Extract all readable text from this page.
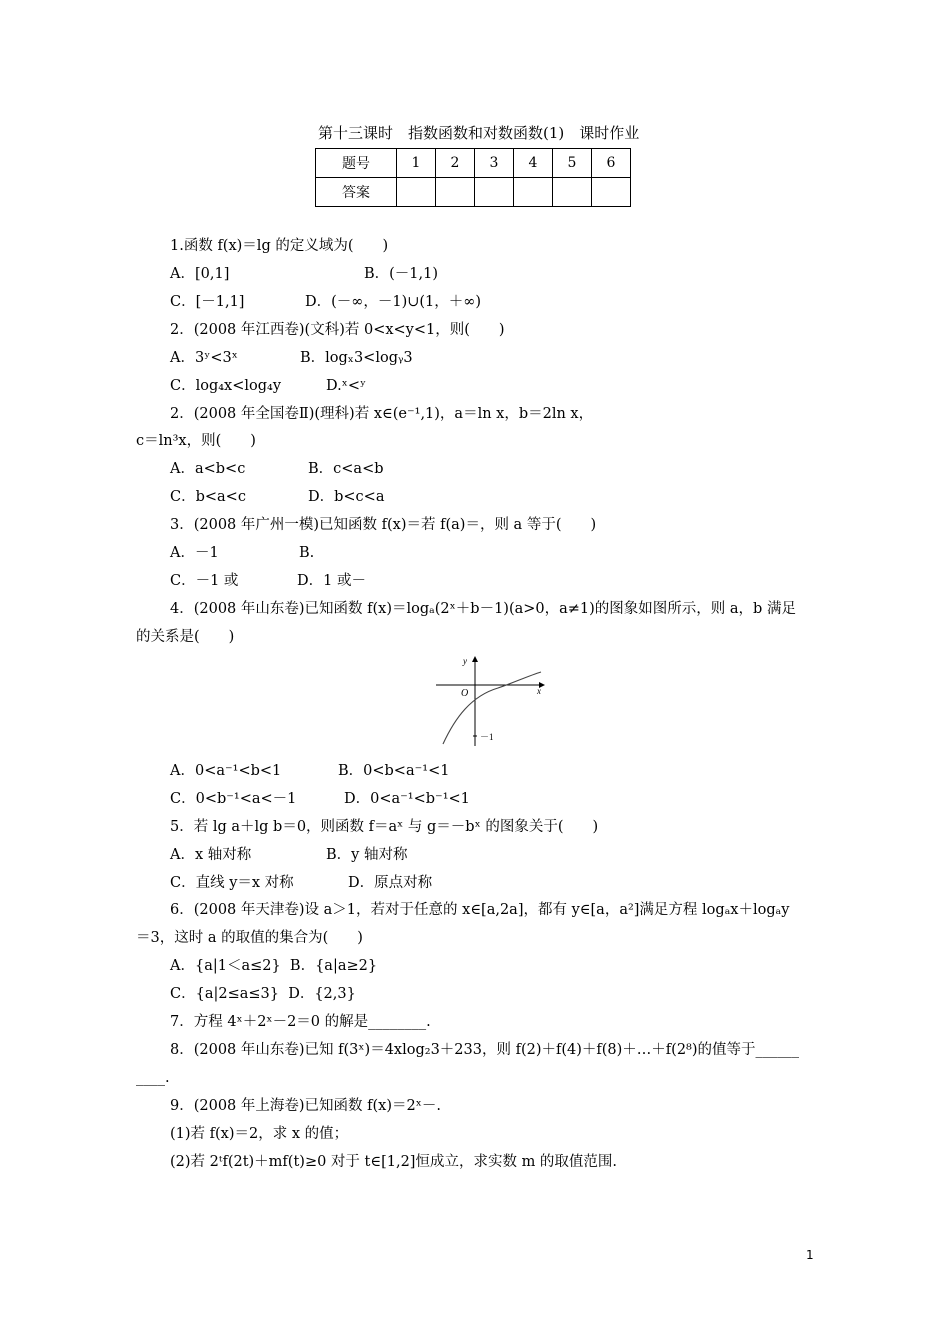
第十三课时　指数函数和对数函数(1)　课时作业
题号	1	2	3	4	5	6
答案						
1.函数 f(x)＝lg 的定义域为(　　)
A．[0,1]	B．(－1,1)
C．[－1,1]	D．(－∞，－1)∪(1，＋∞)
2．(2008 年江西卷)(文科)若 0<x<y<1，则(　　)
A．3ʸ<3ˣ	B．logₓ3<logᵧ3
C．log₄x<log₄y	D.ˣ<ʸ
2．(2008 年全国卷Ⅱ)(理科)若 x∈(e⁻¹,1)，a＝ln x，b＝2ln x，
c＝ln³x，则(　　)
A．a<b<c	B．c<a<b
C．b<a<c	D．b<c<a
3．(2008 年广州一模)已知函数 f(x)＝若 f(a)＝，则 a 等于(　　)
A．－1	B.
C．－1 或	D．1 或－
4．(2008 年山东卷)已知函数 f(x)＝logₐ(2ˣ＋b－1)(a>0，a≠1)的图象如图所示，则 a，b 满足
的关系是(　　)
y
x
O
－1
A．0<a⁻¹<b<1	B．0<b<a⁻¹<1
C．0<b⁻¹<a<－1	D．0<a⁻¹<b⁻¹<1
5．若 lg a＋lg b＝0，则函数 f＝aˣ 与 g＝－bˣ 的图象关于(　　)
A．x 轴对称	B．y 轴对称
C．直线 y＝x 对称	D．原点对称
6．(2008 年天津卷)设 a＞1，若对于任意的 x∈[a,2a]，都有 y∈[a，a²]满足方程 logₐx＋logₐy
＝3，这时 a 的取值的集合为(　　)
A．{a|1＜a≤2}  B．{a|a≥2}
C．{a|2≤a≤3}  D．{2,3}
7．方程 4ˣ＋2ˣ－2＝0 的解是________.
8．(2008 年山东卷)已知 f(3ˣ)＝4xlog₂3＋233，则 f(2)＋f(4)＋f(8)＋…＋f(2⁸)的值等于______
____.
9．(2008 年上海卷)已知函数 f(x)＝2ˣ－.
(1)若 f(x)＝2，求 x 的值；
(2)若 2ᵗf(2t)＋mf(t)≥0 对于 t∈[1,2]恒成立，求实数 m 的取值范围.
1
